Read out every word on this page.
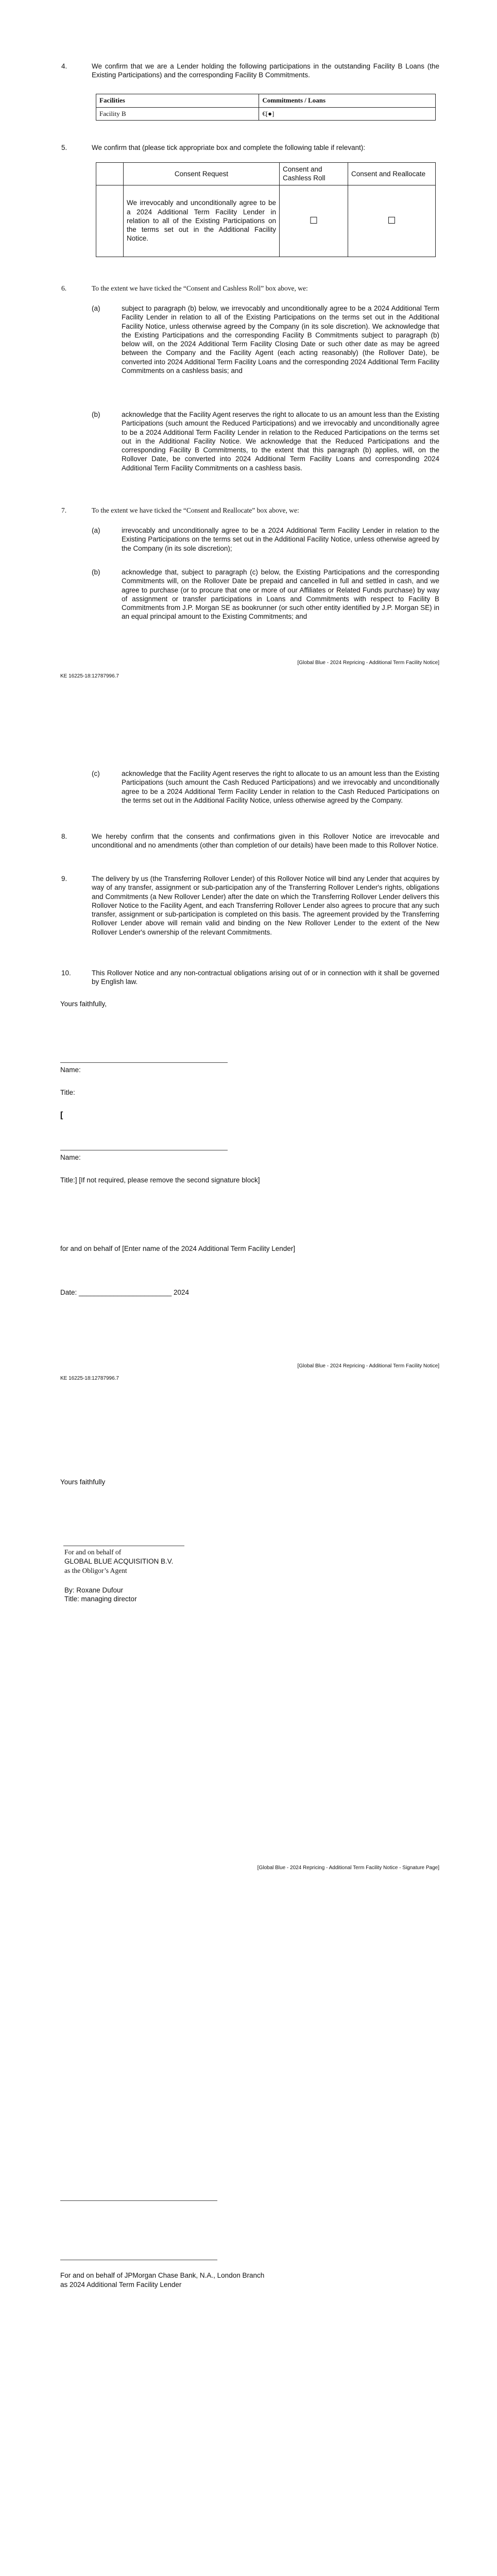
4.	We confirm that we are a Lender holding the following participations in the outstanding Facility B Loans (the Existing Participations) and the corresponding Facility B Commitments.
Facilities	Commitments / Loans
Facility B	€[●]
5.	We confirm that (please tick appropriate box and complete the following table if relevant):
	Consent Request	Consent and Cashless Roll	Consent and Reallocate
	We irrevocably and unconditionally agree to be a 2024 Additional Term Facility Lender in relation to all of the Existing Participations on the terms set out in the Additional Facility Notice.	☐	☐
6.	To the extent we have ticked the “Consent and Cashless Roll” box above, we:
(a)	subject to paragraph (b) below, we irrevocably and unconditionally agree to be a 2024 Additional Term Facility Lender in relation to all of the Existing Participations on the terms set out in the Additional Facility Notice, unless otherwise agreed by the Company (in its sole discretion). We acknowledge that the Existing Participations and the corresponding Facility B Commitments subject to paragraph (b) below will, on the 2024 Additional Term Facility Closing Date or such other date as may be agreed between the Company and the Facility Agent (each acting reasonably) (the Rollover Date), be converted into 2024 Additional Term Facility Loans and the corresponding 2024 Additional Term Facility Commitments on a cashless basis; and
(b)	acknowledge that the Facility Agent reserves the right to allocate to us an amount less than the Existing Participations (such amount the Reduced Participations) and we irrevocably and unconditionally agree to be a 2024 Additional Term Facility Lender in relation to the Reduced Participations on the terms set out in the Additional Facility Notice. We acknowledge that the Reduced Participations and the corresponding Facility B Commitments, to the extent that this paragraph (b) applies, will, on the Rollover Date, be converted into 2024 Additional Term Facility Loans and corresponding 2024 Additional Term Facility Commitments on a cashless basis.
7.	To the extent we have ticked the “Consent and Reallocate” box above, we:
(a)	irrevocably and unconditionally agree to be a 2024 Additional Term Facility Lender in relation to the Existing Participations on the terms set out in the Additional Facility Notice, unless otherwise agreed by the Company (in its sole discretion);
(b)	acknowledge that, subject to paragraph (c) below, the Existing Participations and the corresponding Commitments will, on the Rollover Date be prepaid and cancelled in full and settled in cash, and we agree to purchase (or to procure that one or more of our Affiliates or Related Funds purchase) by way of assignment or transfer participations in Loans and Commitments with respect to Facility B Commitments from J.P. Morgan SE as bookrunner (or such other entity identified by J.P. Morgan SE) in an equal principal amount to the Existing Commitments; and
[Global Blue - 2024 Repricing - Additional Term Facility Notice]
KE 16225-18:12787996.7
(c)	acknowledge that the Facility Agent reserves the right to allocate to us an amount less than the Existing Participations (such amount the Cash Reduced Participations) and we irrevocably and unconditionally agree to be a 2024 Additional Term Facility Lender in relation to the Cash Reduced Participations on the terms set out in the Additional Facility Notice, unless otherwise agreed by the Company.
8.	We hereby confirm that the consents and confirmations given in this Rollover Notice are irrevocable and unconditional and no amendments (other than completion of our details) have been made to this Rollover Notice.
9.	The delivery by us (the Transferring Rollover Lender) of this Rollover Notice will bind any Lender that acquires by way of any transfer, assignment or sub-participation any of the Transferring Rollover Lender's rights, obligations and Commitments (a New Rollover Lender) after the date on which the Transferring Rollover Lender delivers this Rollover Notice to the Facility Agent, and each Transferring Rollover Lender also agrees to procure that any such transfer, assignment or sub-participation is completed on this basis. The agreement provided by the Transferring Rollover Lender above will remain valid and binding on the New Rollover Lender to the extent of the New Rollover Lender's ownership of the relevant Commitments.
10.	This Rollover Notice and any non-contractual obligations arising out of or in connection with it shall be governed by English law.
Yours faithfully,
Name:
Title:
[
Name:
Title:] [If not required, please remove the second signature block]
for and on behalf of [Enter name of the 2024 Additional Term Facility Lender]
Date: ________________________ 2024
[Global Blue - 2024 Repricing - Additional Term Facility Notice]
KE 16225-18:12787996.7
Yours faithfully
For and on behalf of
GLOBAL BLUE ACQUISITION B.V.
as the Obligor’s Agent
By: Roxane Dufour
Title: managing director
[Global Blue - 2024 Repricing - Additional Term Facility Notice - Signature Page]
For and on behalf of JPMorgan Chase Bank, N.A., London Branch
as 2024 Additional Term Facility Lender
